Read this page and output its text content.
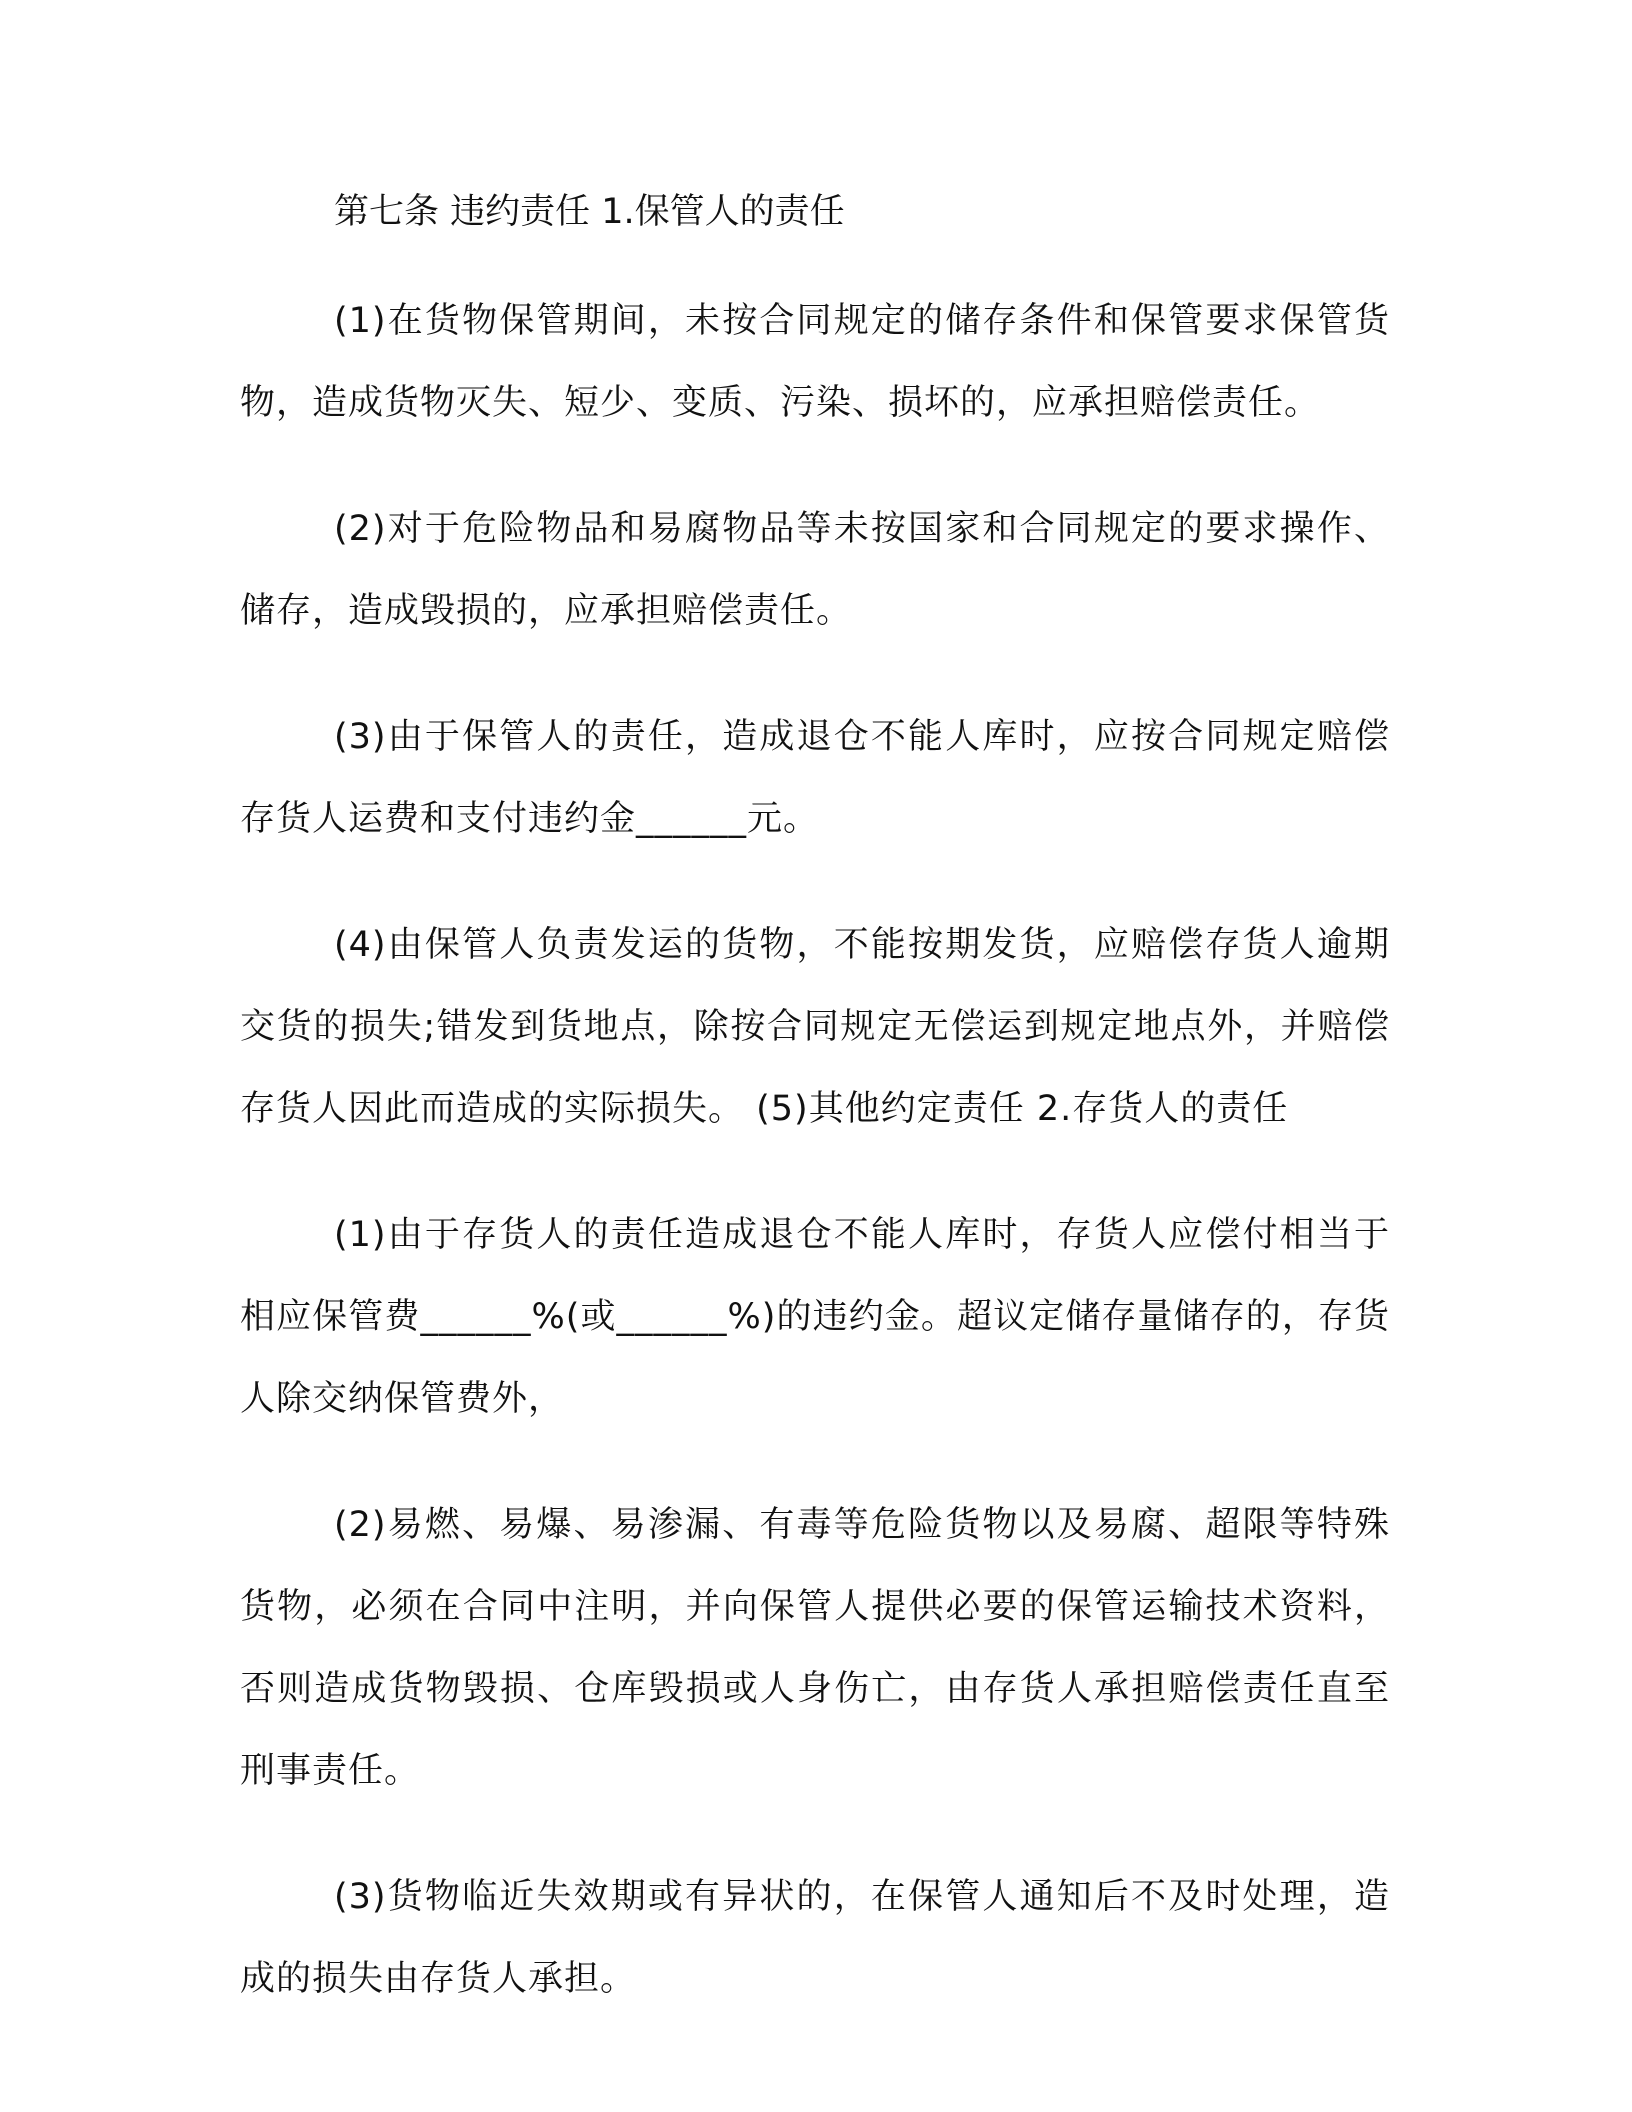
第七条 违约责任 1.保管人的责任

(1)在货物保管期间，未按合同规定的储存条件和保管要求保管货物，造成货物灭失、短少、变质、污染、损坏的，应承担赔偿责任。

(2)对于危险物品和易腐物品等未按国家和合同规定的要求操作、储存，造成毁损的，应承担赔偿责任。

(3)由于保管人的责任，造成退仓不能人库时，应按合同规定赔偿存货人运费和支付违约金______元。

(4)由保管人负责发运的货物，不能按期发货，应赔偿存货人逾期交货的损失;错发到货地点，除按合同规定无偿运到规定地点外，并赔偿存货人因此而造成的实际损失。 (5)其他约定责任 2.存货人的责任

(1)由于存货人的责任造成退仓不能人库时，存货人应偿付相当于相应保管费______%(或______%)的违约金。超议定储存量储存的，存货人除交纳保管费外，

(2)易燃、易爆、易渗漏、有毒等危险货物以及易腐、超限等特殊货物，必须在合同中注明，并向保管人提供必要的保管运输技术资料，否则造成货物毁损、仓库毁损或人身伤亡，由存货人承担赔偿责任直至刑事责任。

(3)货物临近失效期或有异状的，在保管人通知后不及时处理，造成的损失由存货人承担。
